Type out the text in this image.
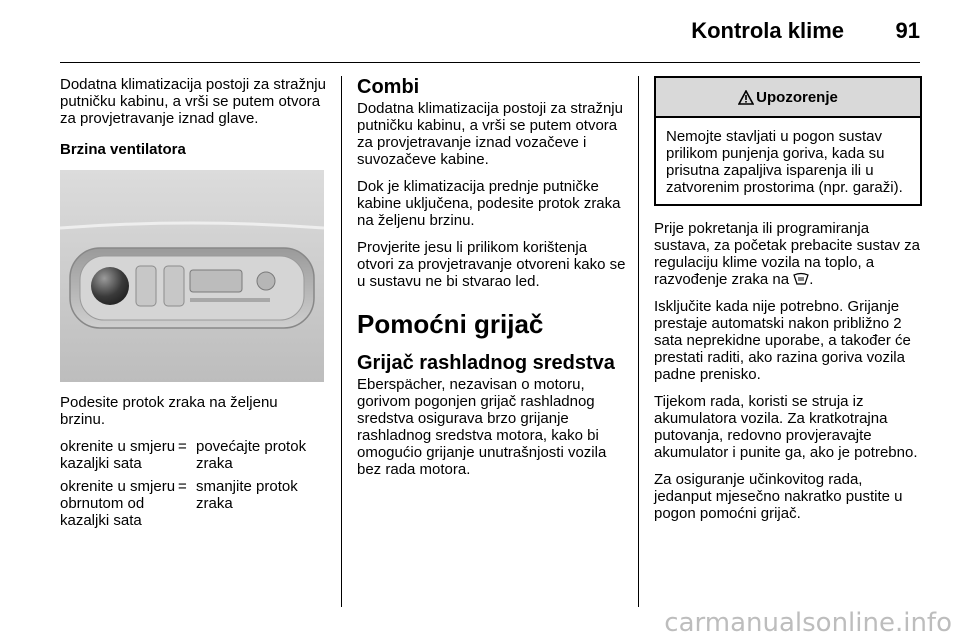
Kontrola klime 91

Dodatna klimatizacija postoji za stražnju putničku kabinu, a vrši se putem otvora za provjetravanje iznad glave.

Brzina ventilatora

Podesite protok zraka na željenu brzinu.

okrenite u smjeru kazaljki sata
= povećajte protok zraka
okrenite u smjeru obrnutom od kazaljki sata
= smanjite protok zraka
Combi

Dodatna klimatizacija postoji za stražnju putničku kabinu, a vrši se putem otvora za provjetravanje iznad vozačeve i suvozačeve kabine.

Dok je klimatizacija prednje putničke kabine uključena, podesite protok zraka na željenu brzinu.

Provjerite jesu li prilikom korištenja otvori za provjetravanje otvoreni kako se u sustavu ne bi stvarao led.

Pomoćni grijač
Grijač rashladnog sredstva

Eberspächer, nezavisan o motoru, gorivom pogonjen grijač rashladnog sredstva osigurava brzo grijanje rashladnog sredstva motora, kako bi omogućio grijanje unutrašnjosti vozila bez rada motora.

Upozorenje
Nemojte stavljati u pogon sustav prilikom punjenja goriva, kada su prisutna zapaljiva isparenja ili u zatvorenim prostorima (npr. garaži).

Prije pokretanja ili programiranja sustava, za početak prebacite sustav za regulaciju klime vozila na toplo, a razvođenje zraka na .

Isključite kada nije potrebno. Grijanje prestaje automatski nakon približno 2 sata neprekidne uporabe, a također će prestati raditi, ako razina goriva vozila padne prenisko.

Tijekom rada, koristi se struja iz akumulatora vozila. Za kratkotrajna putovanja, redovno provjeravajte akumulator i punite ga, ako je potrebno.

Za osiguranje učinkovitog rada, jedanput mjesečno nakratko pustite u pogon pomoćni grijač.

carmanualsonline.info
